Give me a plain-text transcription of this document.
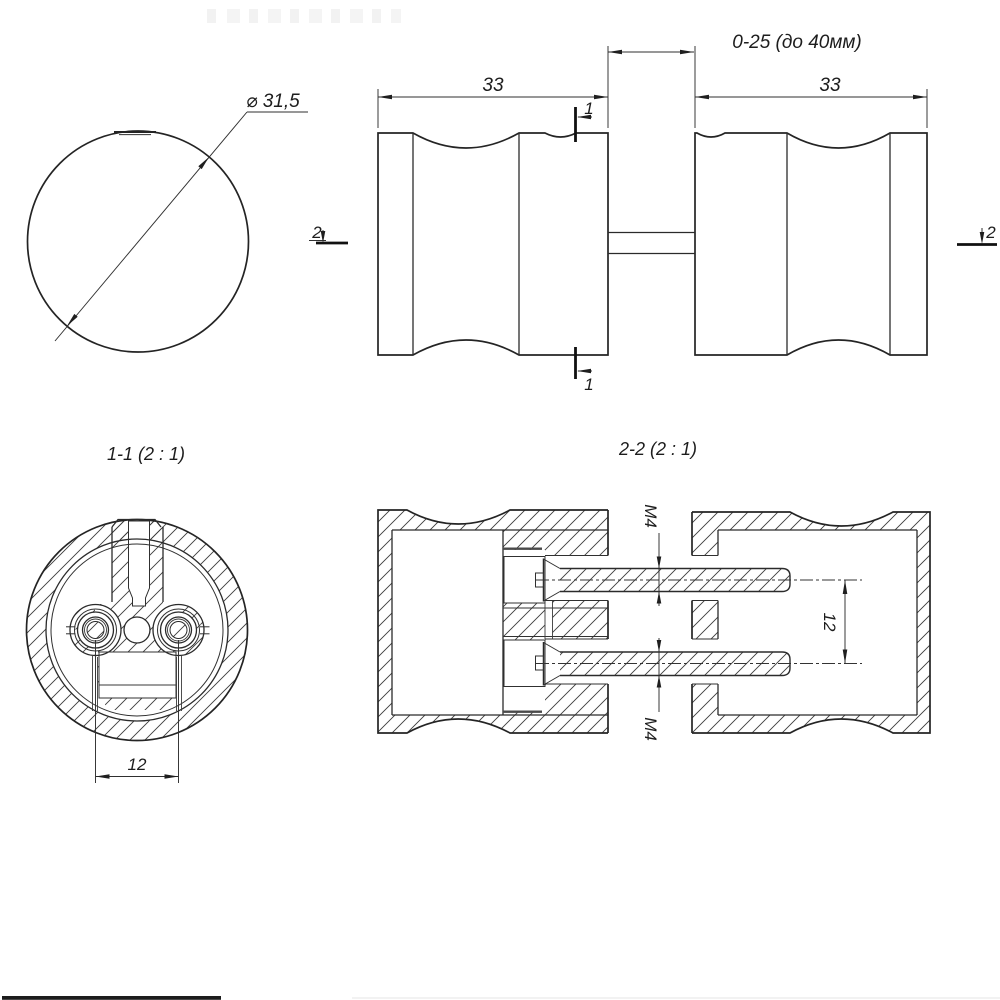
⌀ 31,5
33	33
0-25 (до 40мм)
1
1
2	2
1-1 (2 : 1)
12
2-2 (2 : 1)
M4
M4
12
